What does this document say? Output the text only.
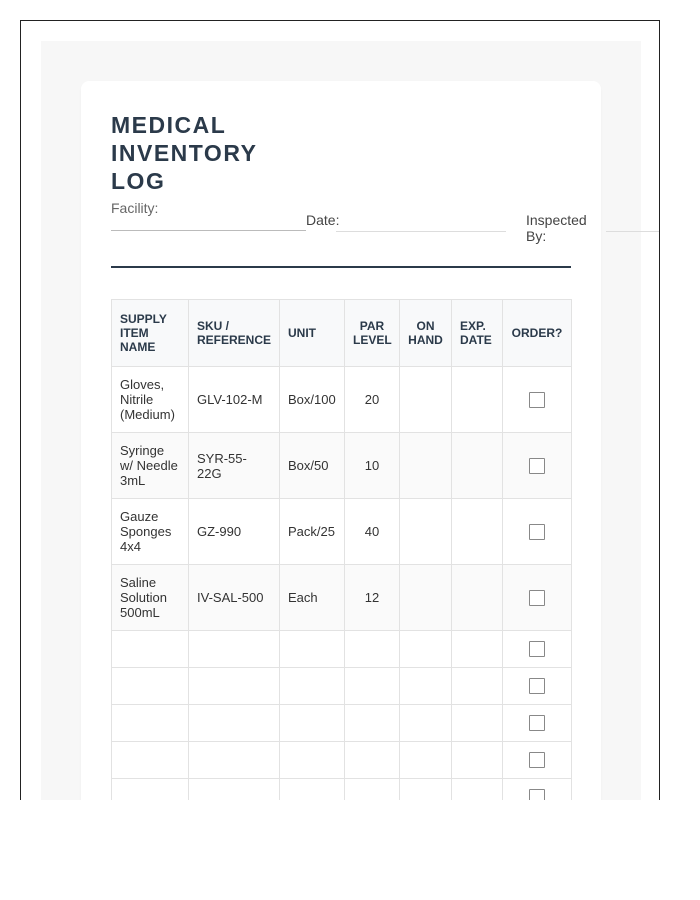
MEDICAL INVENTORY LOG
Facility:
Date:	Inspected By:
SUPPLY ITEM NAME	SKU / REFERENCE	UNIT	PAR LEVEL	ON HAND	EXP. DATE	ORDER?
Gloves, Nitrile (Medium)	GLV-102-M	Box/100	20			
Syringe w/ Needle 3mL	SYR-55-22G	Box/50	10			
Gauze Sponges 4x4	GZ-990	Pack/25	40			
Saline Solution 500mL	IV-SAL-500	Each	12			
